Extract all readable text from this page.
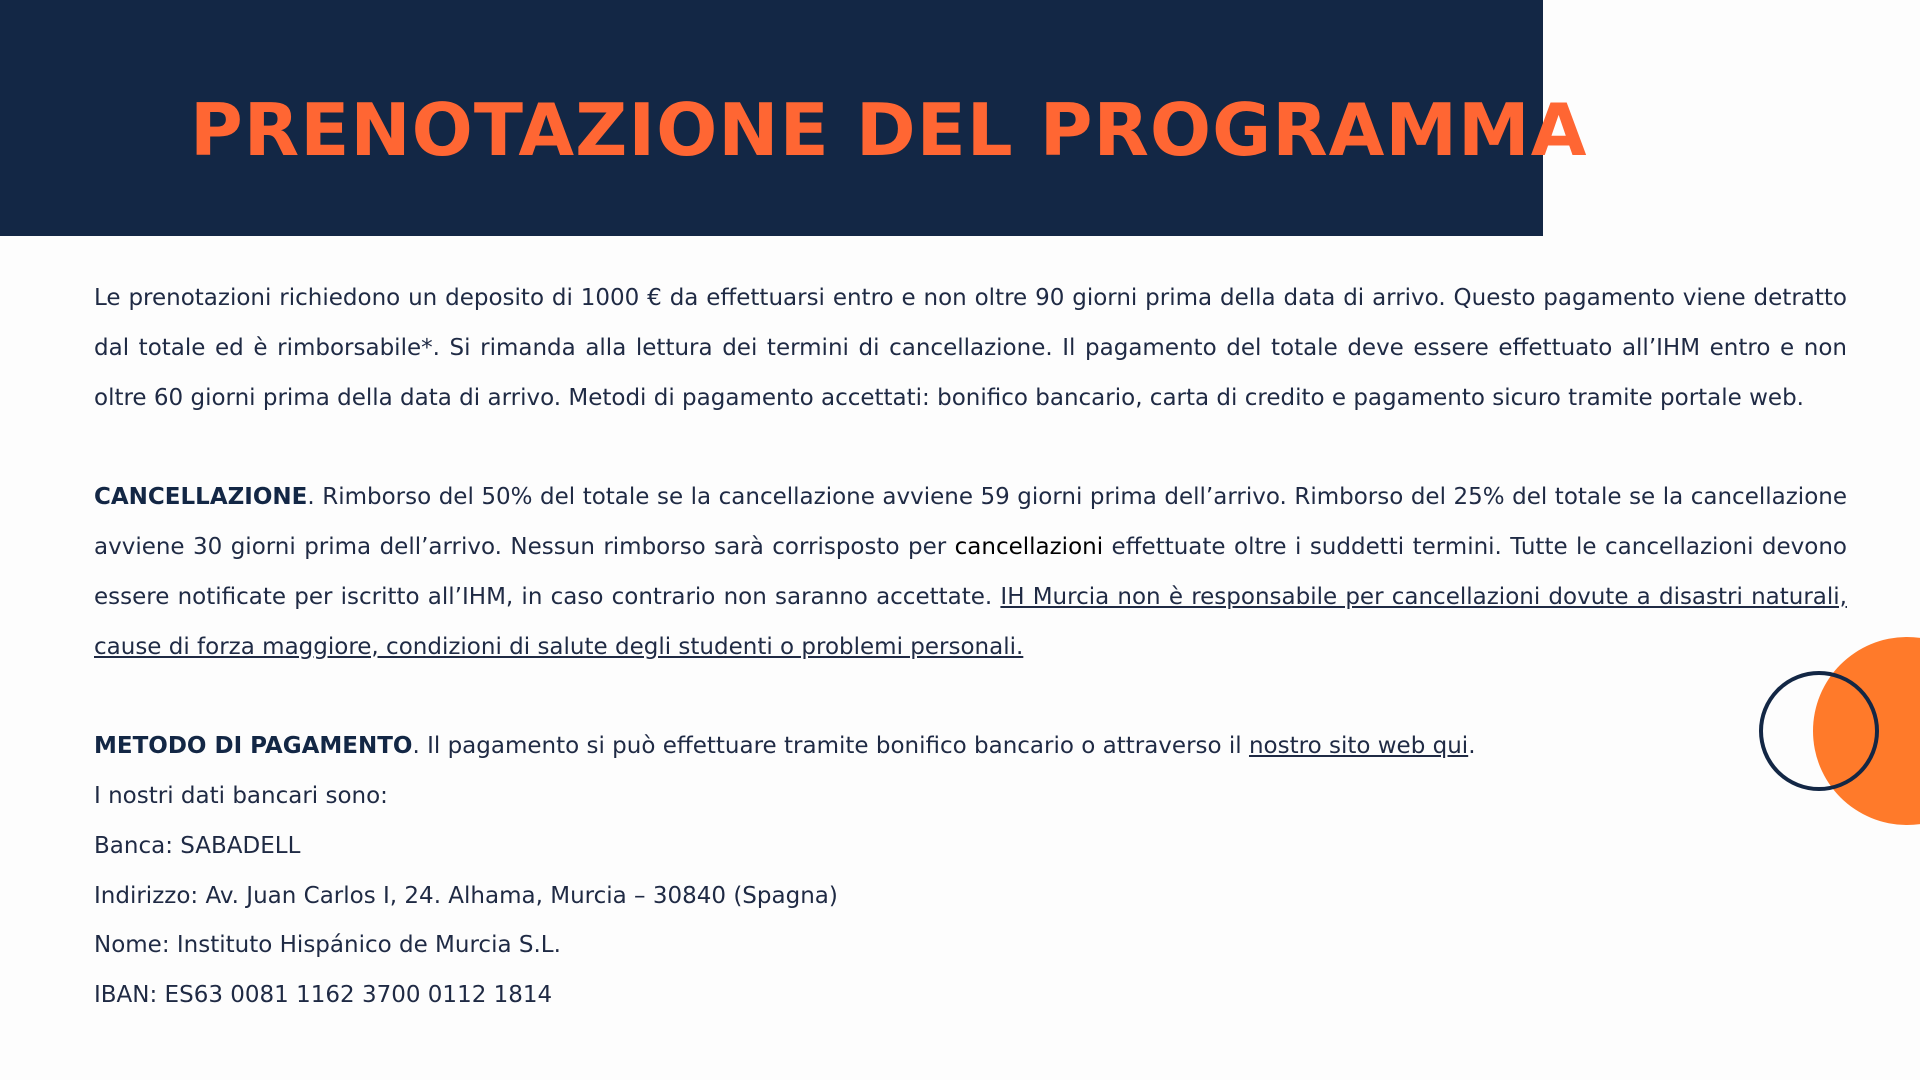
PRENOTAZIONE DEL PROGRAMMA

Le prenotazioni richiedono un deposito di 1000 € da effettuarsi entro e non oltre 90 giorni prima della data di arrivo. Questo pagamento viene detratto dal totale ed è rimborsabile*. Si rimanda alla lettura dei termini di cancellazione. Il pagamento del totale deve essere effettuato all’IHM entro e non oltre 60 giorni prima della data di arrivo. Metodi di pagamento accettati: bonifico bancario, carta di credito e pagamento sicuro tramite portale web.

CANCELLAZIONE. Rimborso del 50% del totale se la cancellazione avviene 59 giorni prima dell’arrivo. Rimborso del 25% del totale se la cancellazione avviene 30 giorni prima dell’arrivo. Nessun rimborso sarà corrisposto per cancellazioni effettuate oltre i suddetti termini. Tutte le cancellazioni devono essere notificate per iscritto all’IHM, in caso contrario non saranno accettate. IH Murcia non è responsabile per cancellazioni dovute a disastri naturali, cause di forza maggiore, condizioni di salute degli studenti o problemi personali.

METODO DI PAGAMENTO. Il pagamento si può effettuare tramite bonifico bancario o attraverso il nostro sito web qui.

I nostri dati bancari sono:
Banca: SABADELL
Indirizzo: Av. Juan Carlos I, 24. Alhama, Murcia – 30840 (Spagna)
Nome: Instituto Hispánico de Murcia S.L.
IBAN: ES63 0081 1162 3700 0112 1814
